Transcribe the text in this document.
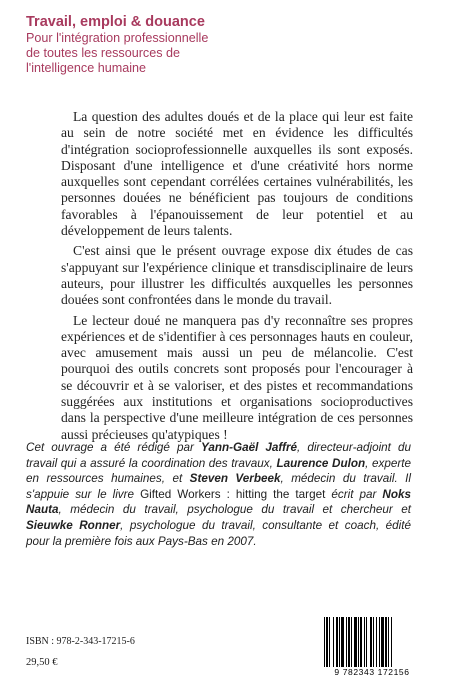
Travail, emploi & douance
Pour l'intégration professionnelle
de toutes les ressources de
l'intelligence humaine

La question des adultes doués et de la place qui leur est faite au sein de notre société met en évidence les difficultés d'intégration socioprofessionnelle auxquelles ils sont exposés. Disposant d'une intelligence et d'une créativité hors norme auxquelles sont cependant corrélées certaines vulnérabilités, les personnes douées ne bénéficient pas toujours de conditions favorables à l'épanouissement de leur potentiel et au développement de leurs talents.

C'est ainsi que le présent ouvrage expose dix études de cas s'appuyant sur l'expérience clinique et transdisciplinaire de leurs auteurs, pour illustrer les difficultés auxquelles les personnes douées sont confrontées dans le monde du travail.

Le lecteur doué ne manquera pas d'y reconnaître ses propres expériences et de s'identifier à ces personnages hauts en couleur, avec amusement mais aussi un peu de mélancolie. C'est pourquoi des outils concrets sont proposés pour l'encourager à se découvrir et à se valoriser, et des pistes et recommandations suggérées aux institutions et organisations socioproductives dans la perspective d'une meilleure intégration de ces personnes aussi précieuses qu'atypiques !

Cet ouvrage a été rédigé par Yann-Gaël Jaffré, directeur-adjoint du travail qui a assuré la coordination des travaux, Laurence Dulon, experte en ressources humaines, et Steven Verbeek, médecin du travail. Il s'appuie sur le livre Gifted Workers : hitting the target écrit par Noks Nauta, médecin du travail, psychologue du travail et chercheur et Sieuwke Ronner, psychologue du travail, consultante et coach, édité pour la première fois aux Pays-Bas en 2007.
ISBN : 978-2-343-17215-6
29,50 €
9 782343 172156
